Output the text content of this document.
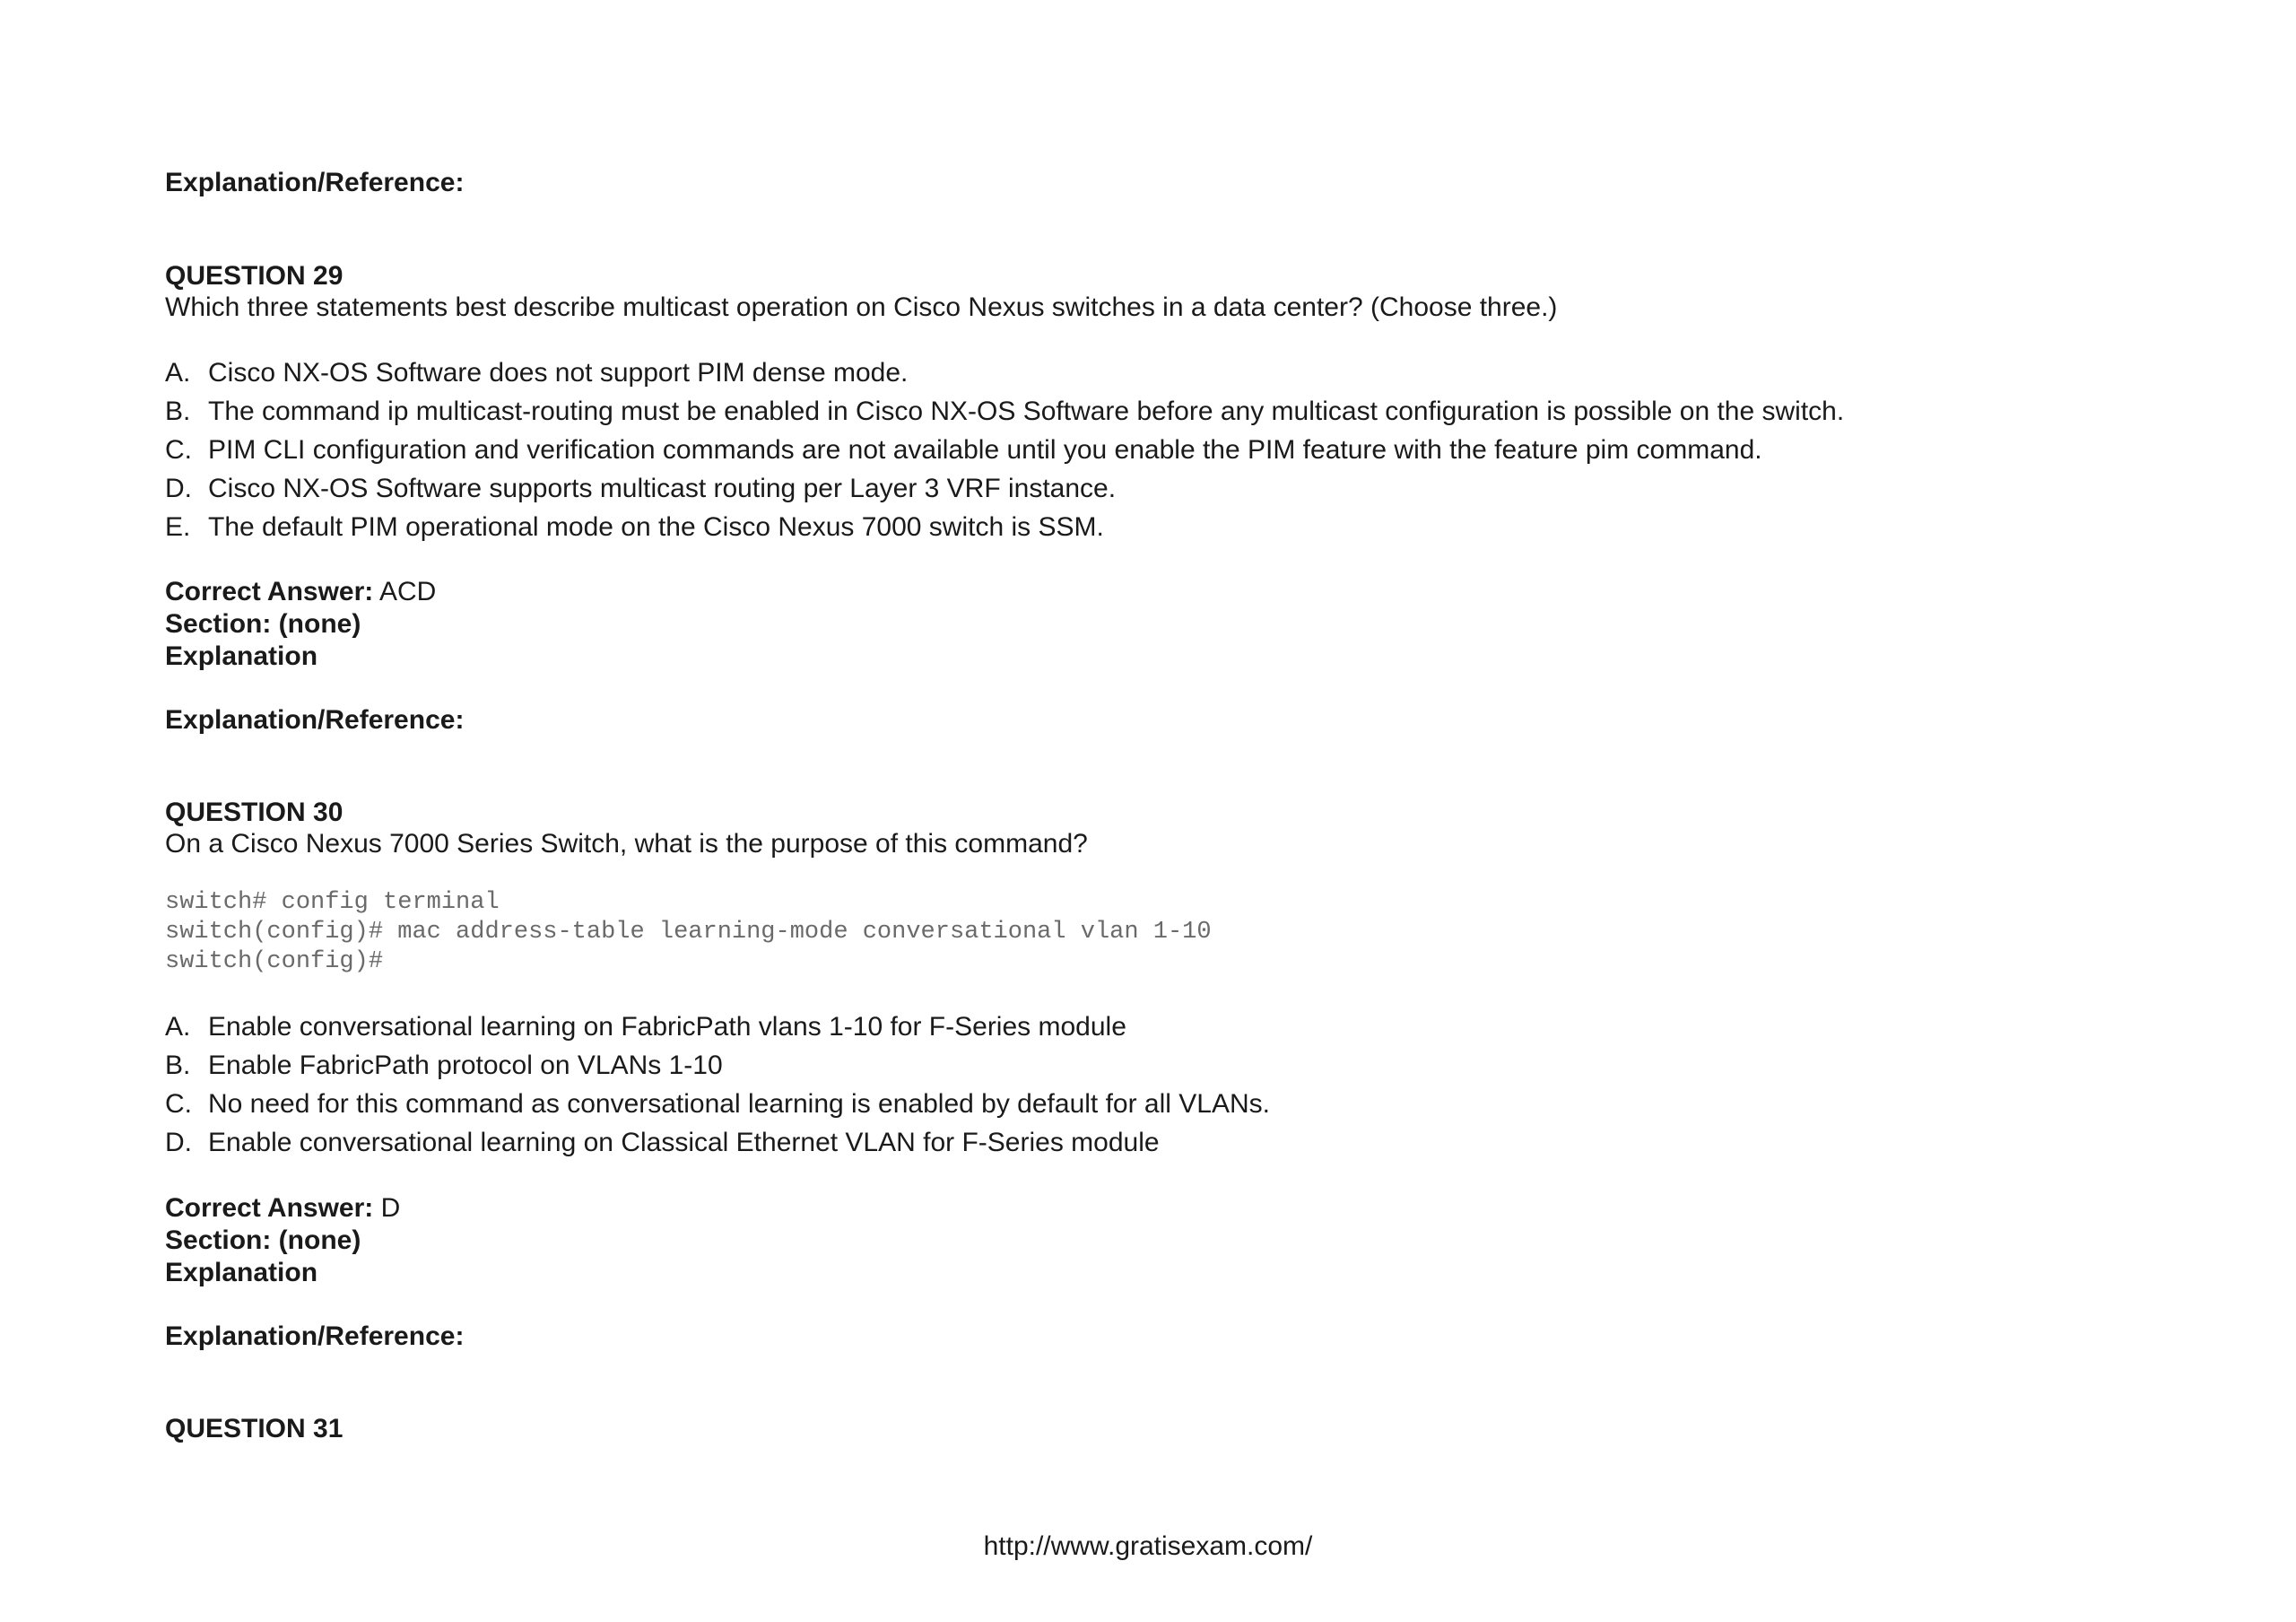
Explanation/Reference:
QUESTION 29
Which three statements best describe multicast operation on Cisco Nexus switches in a data center? (Choose three.)
A. Cisco NX-OS Software does not support PIM dense mode.
B. The command ip multicast-routing must be enabled in Cisco NX-OS Software before any multicast configuration is possible on the switch.
C. PIM CLI configuration and verification commands are not available until you enable the PIM feature with the feature pim command.
D. Cisco NX-OS Software supports multicast routing per Layer 3 VRF instance.
E. The default PIM operational mode on the Cisco Nexus 7000 switch is SSM.
Correct Answer: ACD
Section: (none)
Explanation
Explanation/Reference:
QUESTION 30
On a Cisco Nexus 7000 Series Switch, what is the purpose of this command?
switch# config terminal
switch(config)# mac address-table learning-mode conversational vlan 1-10
switch(config)#
A. Enable conversational learning on FabricPath vlans 1-10 for F-Series module
B. Enable FabricPath protocol on VLANs 1-10
C. No need for this command as conversational learning is enabled by default for all VLANs.
D. Enable conversational learning on Classical Ethernet VLAN for F-Series module
Correct Answer: D
Section: (none)
Explanation
Explanation/Reference:
QUESTION 31
http://www.gratisexam.com/
